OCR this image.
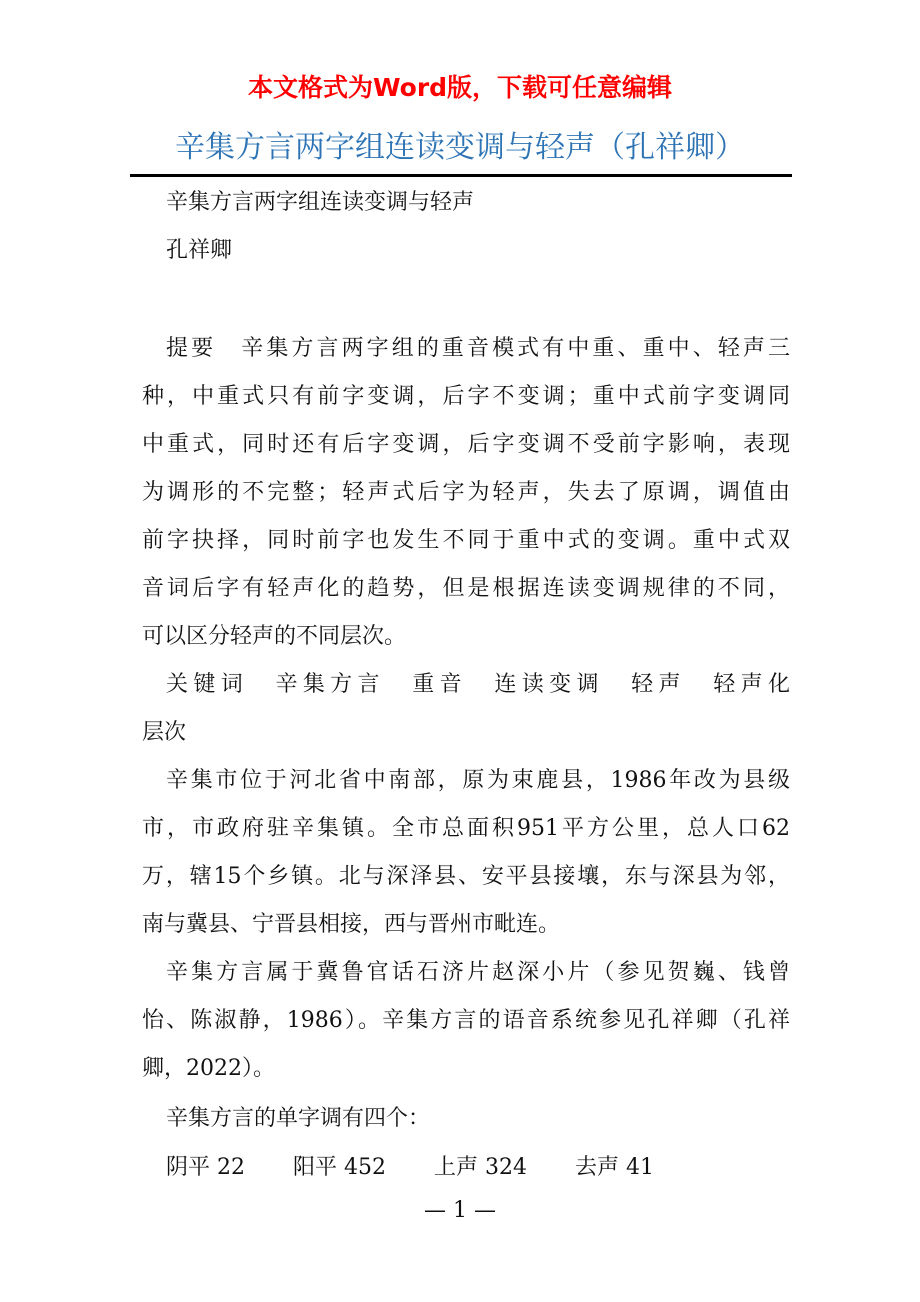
本文格式为Word版，下载可任意编辑
辛集方言两字组连读变调与轻声（孔祥卿）
辛集方言两字组连读变调与轻声
孔祥卿
提要　辛集方言两字组的重音模式有中重、重中、轻声三
种，中重式只有前字变调，后字不变调；重中式前字变调同
中重式，同时还有后字变调，后字变调不受前字影响，表现
为调形的不完整；轻声式后字为轻声，失去了原调，调值由
前字抉择，同时前字也发生不同于重中式的变调。重中式双
音词后字有轻声化的趋势，但是根据连读变调规律的不同，
可以区分轻声的不同层次。
关键词　辛集方言　重音　连读变调　轻声　轻声化
层次
辛集市位于河北省中南部，原为束鹿县，1986年改为县级
市，市政府驻辛集镇。全市总面积951平方公里，总人口62
万，辖15个乡镇。北与深泽县、安平县接壤，东与深县为邻，
南与冀县、宁晋县相接，西与晋州市毗连。
辛集方言属于冀鲁官话石济片赵深小片（参见贺巍、钱曾
怡、陈淑静，1986）。辛集方言的语音系统参见孔祥卿（孔祥
卿，2022）。
辛集方言的单字调有四个：
阴平 22 阳平 452 上声 324 去声 41
— 1 —
